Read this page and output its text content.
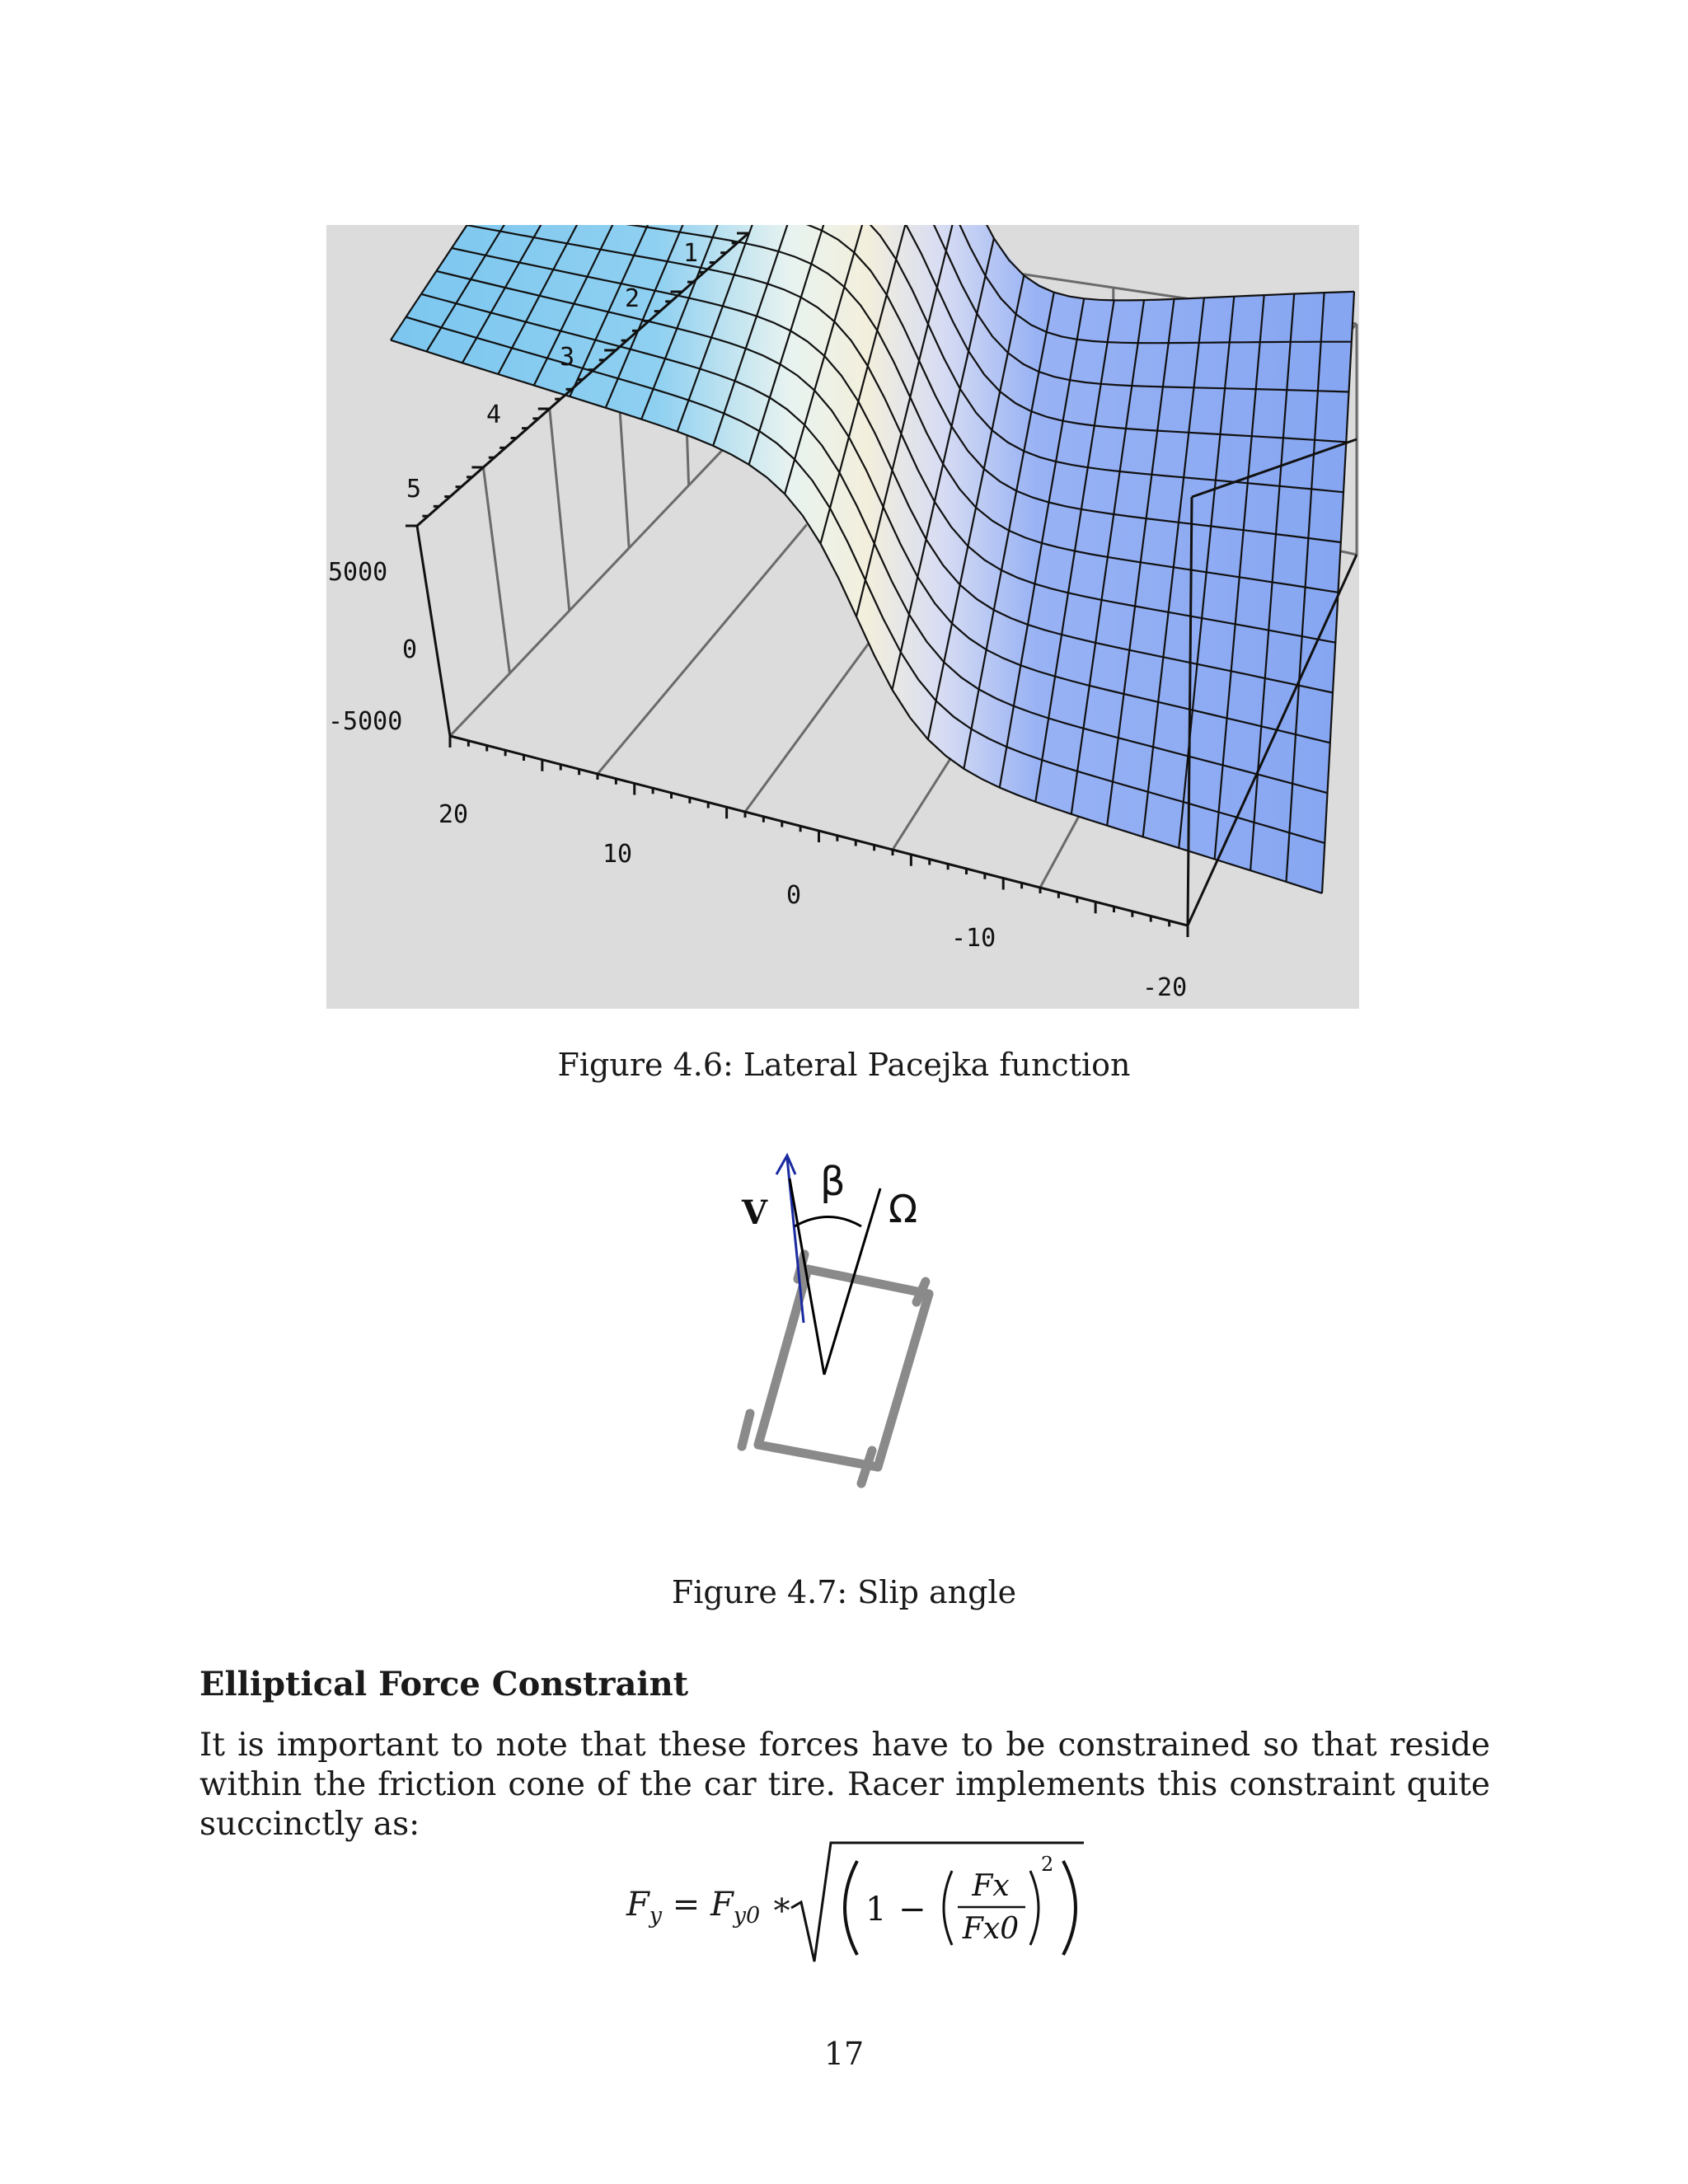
1
2
3
4
5
5000
0
-5000
20
10
0
-10
-20
Figure 4.6: Lateral Pacejka function
V
β
Ω
Figure 4.7: Slip angle
Elliptical Force Constraint

It is important to note that these forces have to be constrained so that reside within the friction cone of the car tire. Racer implements this constraint quite succinctly as:

$F_y = F_{y0}$ ∗ 1 −
Fx
Fx0
2
17
